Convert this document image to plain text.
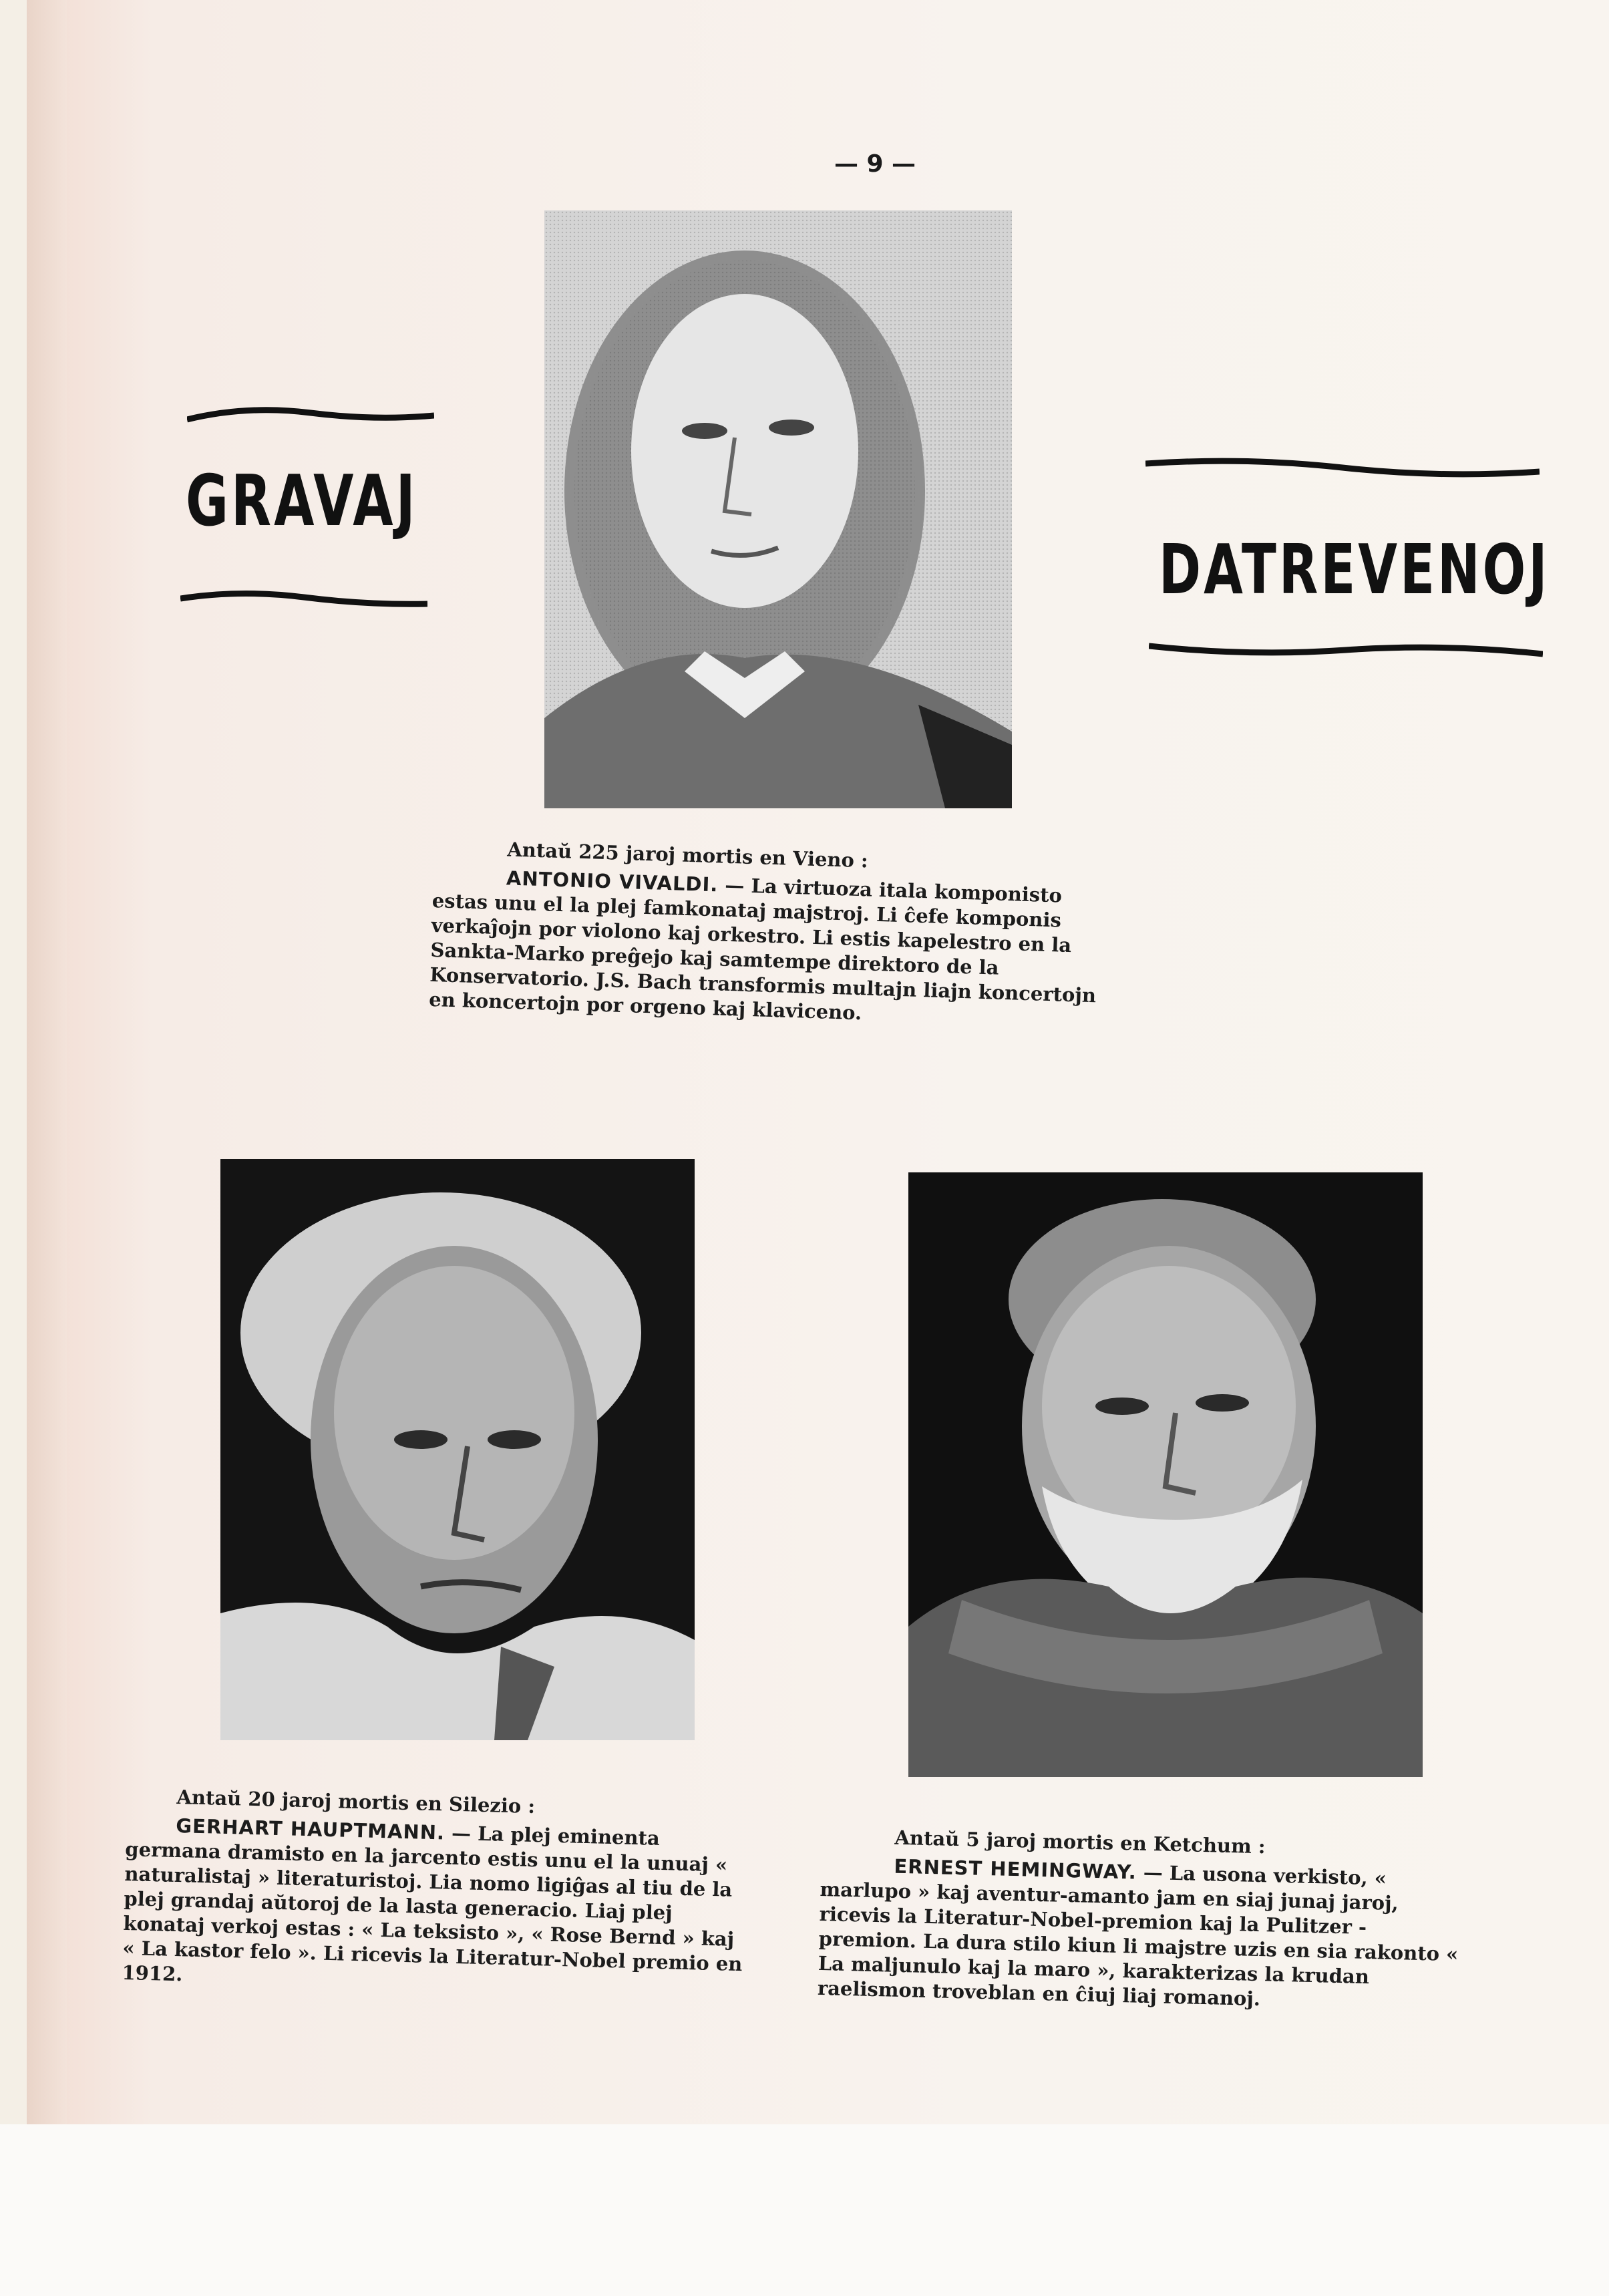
— 9 —
GRAVAJ
DATREVENOJ
Antaŭ 225 jaroj mortis en Vieno :
ANTONIO VIVALDI. — La virtuoza itala komponisto estas unu el la plej famkonataj majstroj. Li ĉefe komponis verkaĵojn por violono kaj orkestro. Li estis kapelestro en la Sankta-Marko preĝejo kaj samtempe direktoro de la Konservatorio. J.S. Bach transformis multajn liajn koncertojn en koncertojn por orgeno kaj klaviceno.
Antaŭ 20 jaroj mortis en Silezio :
GERHART HAUPTMANN. — La plej eminenta germana dramisto en la jarcento estis unu el la unuaj « naturalistaj » literaturistoj. Lia nomo ligiĝas al tiu de la plej grandaj aŭtoroj de la lasta generacio. Liaj plej konataj verkoj estas : « La teksisto », « Rose Bernd » kaj « La kastor felo ». Li ricevis la Literatur-Nobel premio en 1912.
Antaŭ 5 jaroj mortis en Ketchum :
ERNEST HEMINGWAY. — La usona verkisto, « marlupo » kaj aventur-amanto jam en siaj junaj jaroj, ricevis la Literatur-Nobel-premion kaj la Pulitzer - premion. La dura stilo kiun li majstre uzis en sia rakonto « La maljunulo kaj la maro », karakterizas la krudan raelismon troveblan en ĉiuj liaj romanoj.
